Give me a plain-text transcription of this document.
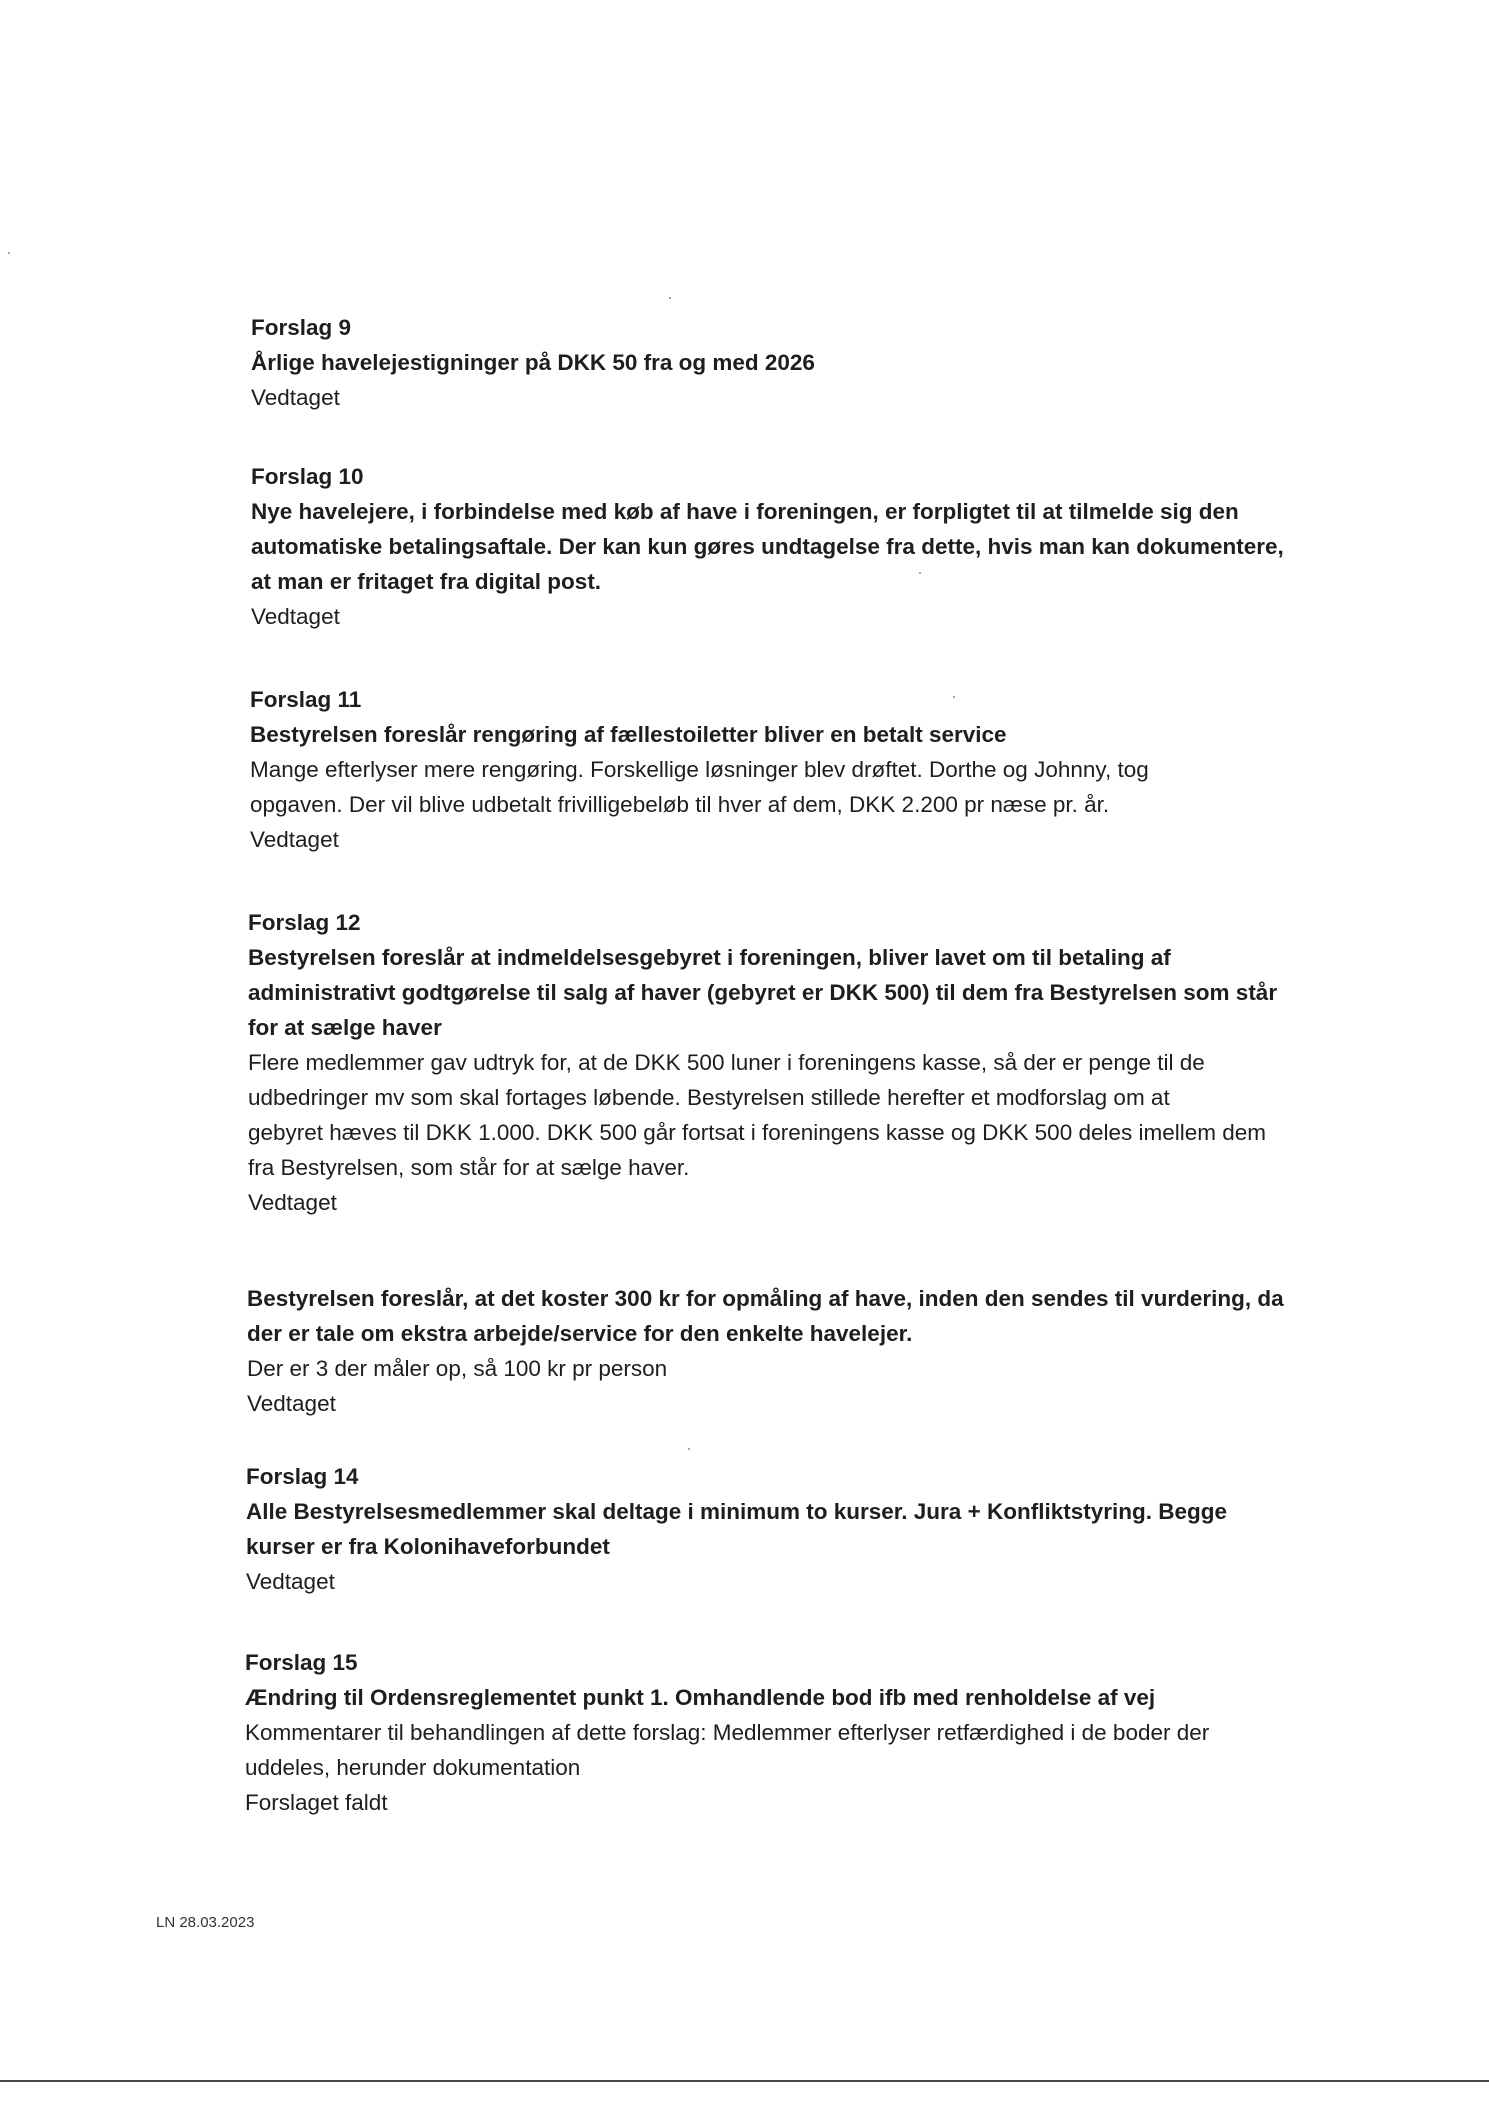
Forslag 9
Årlige havelejestigninger på DKK 50 fra og med 2026
Vedtaget
Forslag 10
Nye havelejere, i forbindelse med køb af have i foreningen, er forpligtet til at tilmelde sig den
automatiske betalingsaftale. Der kan kun gøres undtagelse fra dette, hvis man kan dokumentere,
at man er fritaget fra digital post.
Vedtaget
Forslag 11
Bestyrelsen foreslår rengøring af fællestoiletter bliver en betalt service
Mange efterlyser mere rengøring. Forskellige løsninger blev drøftet. Dorthe og Johnny, tog
opgaven. Der vil blive udbetalt frivilligebeløb til hver af dem, DKK 2.200 pr næse pr. år.
Vedtaget
Forslag 12
Bestyrelsen foreslår at indmeldelsesgebyret i foreningen, bliver lavet om til betaling af
administrativt godtgørelse til salg af haver (gebyret er DKK 500) til dem fra Bestyrelsen som står
for at sælge haver
Flere medlemmer gav udtryk for, at de DKK 500 luner i foreningens kasse, så der er penge til de
udbedringer mv som skal fortages løbende. Bestyrelsen stillede herefter et modforslag om at
gebyret hæves til DKK 1.000. DKK 500 går fortsat i foreningens kasse og DKK 500 deles imellem dem
fra Bestyrelsen, som står for at sælge haver.
Vedtaget
Bestyrelsen foreslår, at det koster 300 kr for opmåling af have, inden den sendes til vurdering, da
der er tale om ekstra arbejde/service for den enkelte havelejer.
Der er 3 der måler op, så 100 kr pr person
Vedtaget
Forslag 14
Alle Bestyrelsesmedlemmer skal deltage i minimum to kurser. Jura + Konfliktstyring. Begge
kurser er fra Kolonihaveforbundet
Vedtaget
Forslag 15
Ændring til Ordensreglementet punkt 1. Omhandlende bod ifb med renholdelse af vej
Kommentarer til behandlingen af dette forslag: Medlemmer efterlyser retfærdighed i de boder der
uddeles, herunder dokumentation
Forslaget faldt
LN 28.03.2023
